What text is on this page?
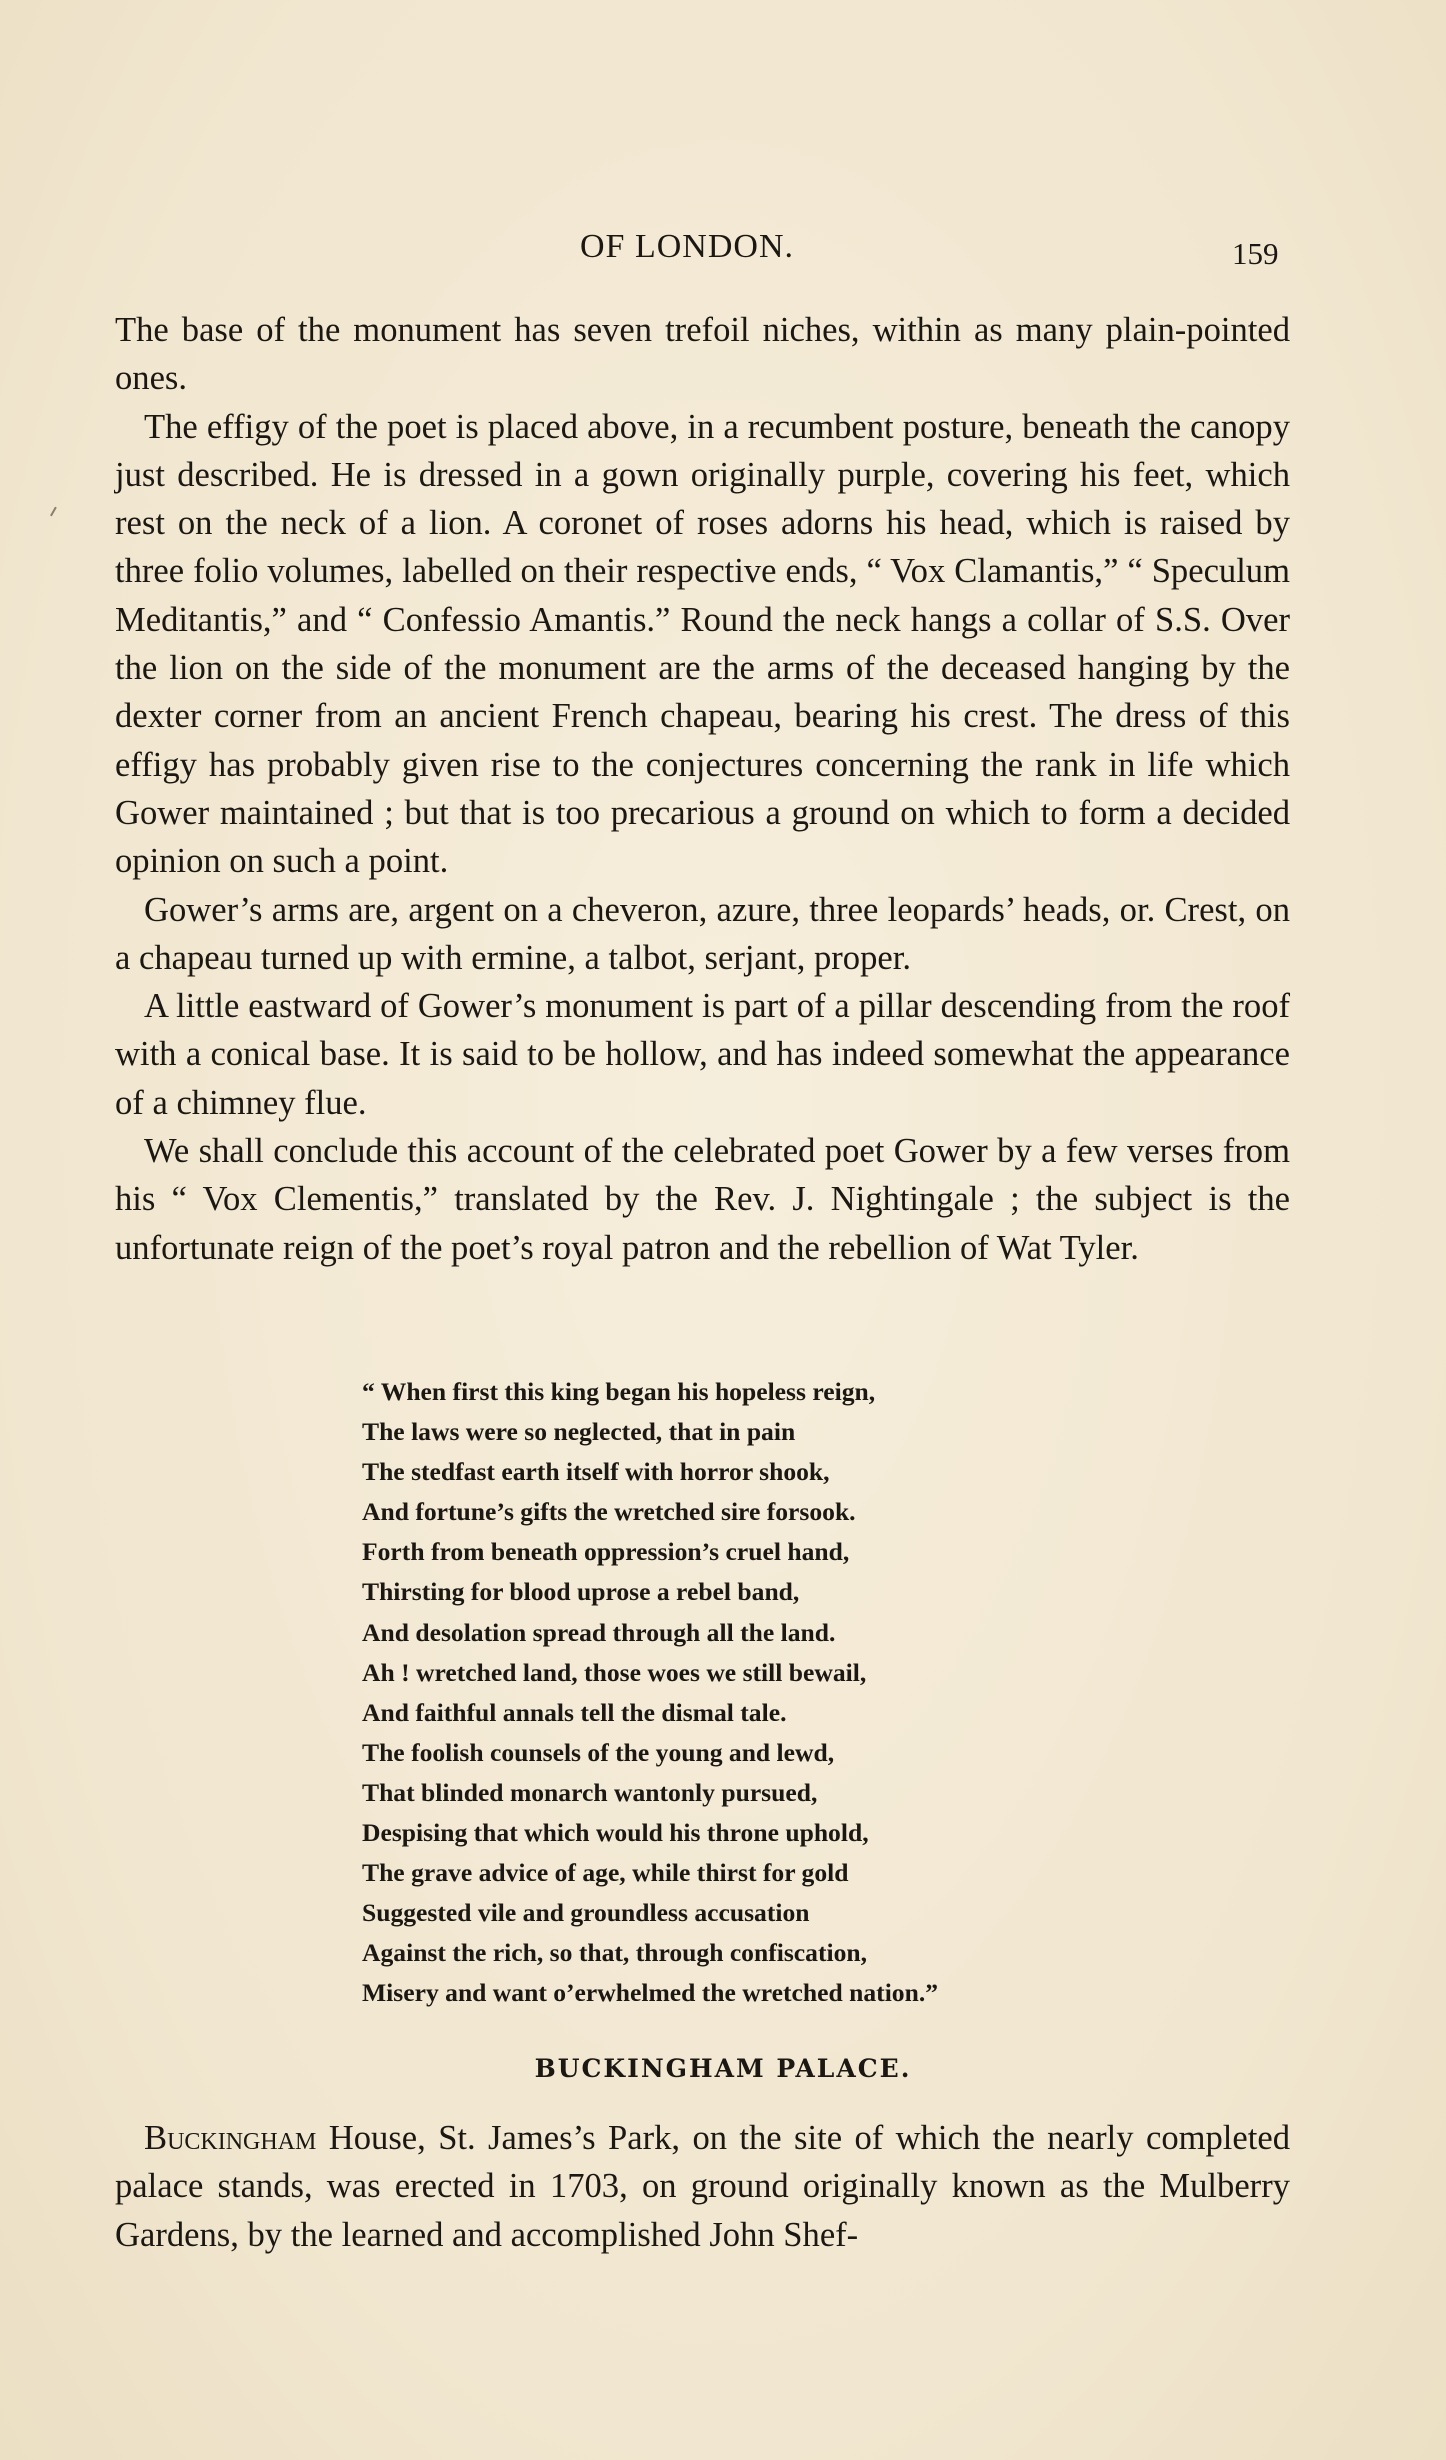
OF LONDON.	159

The base of the monument has seven trefoil niches, within as many plain-pointed ones.

The effigy of the poet is placed above, in a recumbent posture, beneath the canopy just described. He is dressed in a gown originally purple, covering his feet, which rest on the neck of a lion. A coronet of roses adorns his head, which is raised by three folio volumes, labelled on their respective ends, “ Vox Clamantis,” “ Speculum Meditantis,” and “ Confessio Amantis.” Round the neck hangs a collar of S.S. Over the lion on the side of the monument are the arms of the deceased hanging by the dexter corner from an ancient French chapeau, bearing his crest. The dress of this effigy has probably given rise to the conjectures concerning the rank in life which Gower maintained ; but that is too precarious a ground on which to form a decided opinion on such a point.

Gower’s arms are, argent on a cheveron, azure, three leopards’ heads, or. Crest, on a chapeau turned up with ermine, a talbot, serjant, proper.

A little eastward of Gower’s monument is part of a pillar descending from the roof with a conical base. It is said to be hollow, and has indeed somewhat the appearance of a chimney flue.

We shall conclude this account of the celebrated poet Gower by a few verses from his “ Vox Clementis,” translated by the Rev. J. Nightingale ; the subject is the unfortunate reign of the poet’s royal patron and the rebellion of Wat Tyler.

“ When first this king began his hopeless reign,
The laws were so neglected, that in pain
The stedfast earth itself with horror shook,
And fortune’s gifts the wretched sire forsook.
Forth from beneath oppression’s cruel hand,
Thirsting for blood uprose a rebel band,
And desolation spread through all the land.
Ah ! wretched land, those woes we still bewail,
And faithful annals tell the dismal tale.
The foolish counsels of the young and lewd,
That blinded monarch wantonly pursued,
Despising that which would his throne uphold,
The grave advice of age, while thirst for gold
Suggested vile and groundless accusation
Against the rich, so that, through confiscation,
Misery and want o’erwhelmed the wretched nation.”
BUCKINGHAM PALACE.

Buckingham House, St. James’s Park, on the site of which the nearly completed palace stands, was erected in 1703, on ground originally known as the Mulberry Gardens, by the learned and accomplished John Shef-
